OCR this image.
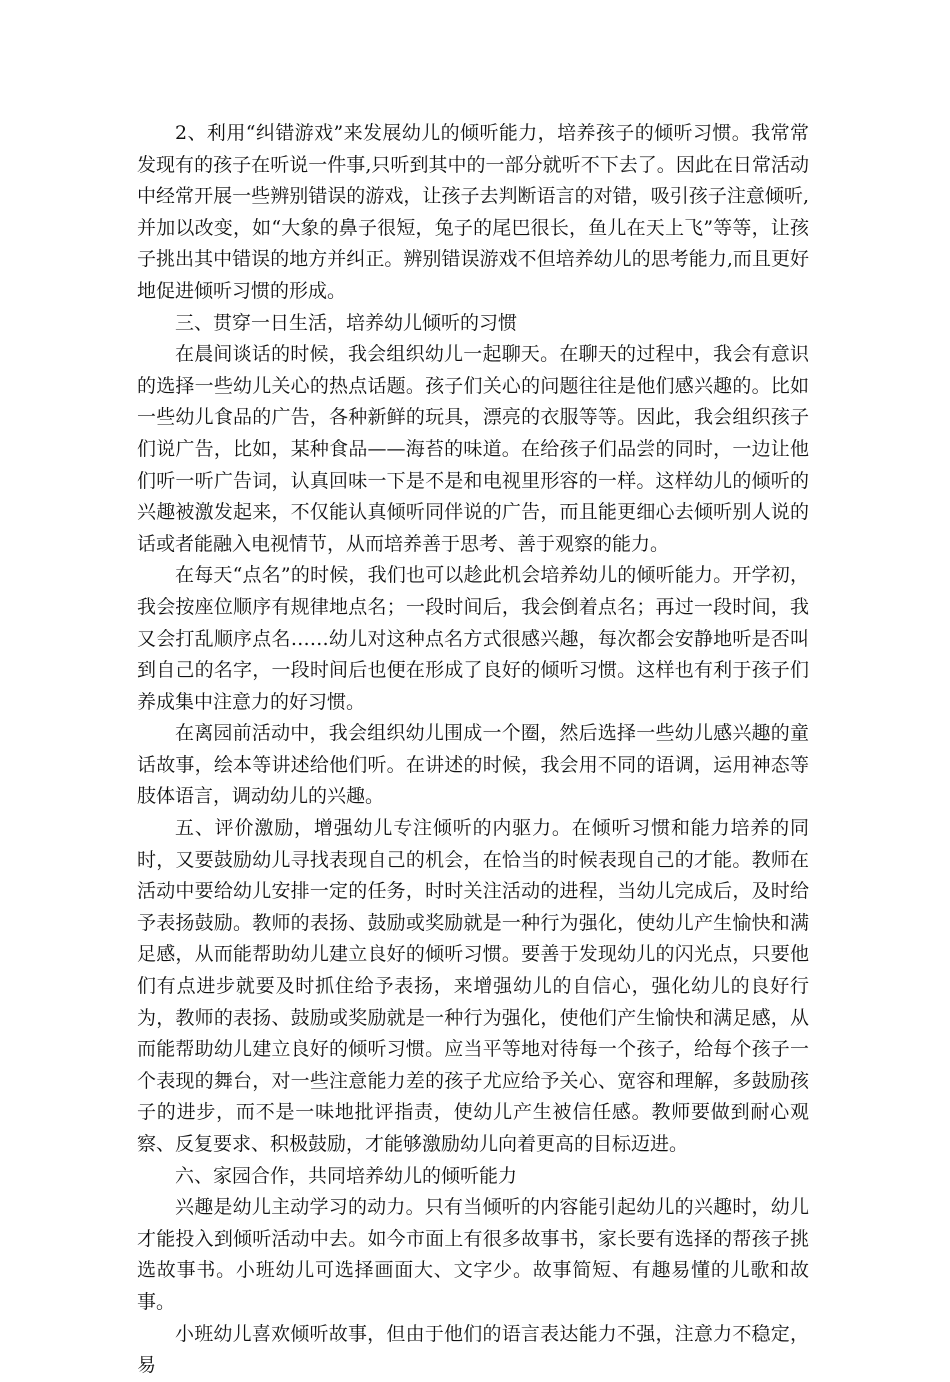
2、利用“纠错游戏”来发展幼儿的倾听能力，培养孩子的倾听习惯。我常常发现有的孩子在听说一件事,只听到其中的一部分就听不下去了。因此在日常活动中经常开展一些辨别错误的游戏，让孩子去判断语言的对错，吸引孩子注意倾听,并加以改变，如“大象的鼻子很短，兔子的尾巴很长，鱼儿在天上飞”等等，让孩子挑出其中错误的地方并纠正。辨别错误游戏不但培养幼儿的思考能力,而且更好地促进倾听习惯的形成。

三、贯穿一日生活，培养幼儿倾听的习惯

在晨间谈话的时候，我会组织幼儿一起聊天。在聊天的过程中，我会有意识的选择一些幼儿关心的热点话题。孩子们关心的问题往往是他们感兴趣的。比如一些幼儿食品的广告，各种新鲜的玩具，漂亮的衣服等等。因此，我会组织孩子们说广告，比如，某种食品——海苔的味道。在给孩子们品尝的同时，一边让他们听一听广告词，认真回味一下是不是和电视里形容的一样。这样幼儿的倾听的兴趣被激发起来，不仅能认真倾听同伴说的广告，而且能更细心去倾听别人说的话或者能融入电视情节，从而培养善于思考、善于观察的能力。

在每天“点名”的时候，我们也可以趁此机会培养幼儿的倾听能力。开学初，我会按座位顺序有规律地点名；一段时间后，我会倒着点名；再过一段时间，我又会打乱顺序点名……幼儿对这种点名方式很感兴趣，每次都会安静地听是否叫到自己的名字，一段时间后也便在形成了良好的倾听习惯。这样也有利于孩子们养成集中注意力的好习惯。

在离园前活动中，我会组织幼儿围成一个圈，然后选择一些幼儿感兴趣的童话故事，绘本等讲述给他们听。在讲述的时候，我会用不同的语调，运用神态等肢体语言，调动幼儿的兴趣。

五、评价激励，增强幼儿专注倾听的内驱力。在倾听习惯和能力培养的同时，又要鼓励幼儿寻找表现自己的机会，在恰当的时候表现自己的才能。教师在活动中要给幼儿安排一定的任务，时时关注活动的进程，当幼儿完成后，及时给予表扬鼓励。教师的表扬、鼓励或奖励就是一种行为强化，使幼儿产生愉快和满足感，从而能帮助幼儿建立良好的倾听习惯。要善于发现幼儿的闪光点，只要他们有点进步就要及时抓住给予表扬，来增强幼儿的自信心，强化幼儿的良好行为，教师的表扬、鼓励或奖励就是一种行为强化，使他们产生愉快和满足感，从而能帮助幼儿建立良好的倾听习惯。应当平等地对待每一个孩子，给每个孩子一个表现的舞台，对一些注意能力差的孩子尤应给予关心、宽容和理解，多鼓励孩子的进步，而不是一味地批评指责，使幼儿产生被信任感。教师要做到耐心观察、反复要求、积极鼓励，才能够激励幼儿向着更高的目标迈进。

六、家园合作，共同培养幼儿的倾听能力

兴趣是幼儿主动学习的动力。只有当倾听的内容能引起幼儿的兴趣时，幼儿才能投入到倾听活动中去。如今市面上有很多故事书，家长要有选择的帮孩子挑选故事书。小班幼儿可选择画面大、文字少。故事简短、有趣易懂的儿歌和故事。

小班幼儿喜欢倾听故事，但由于他们的语言表达能力不强，注意力不稳定，易
